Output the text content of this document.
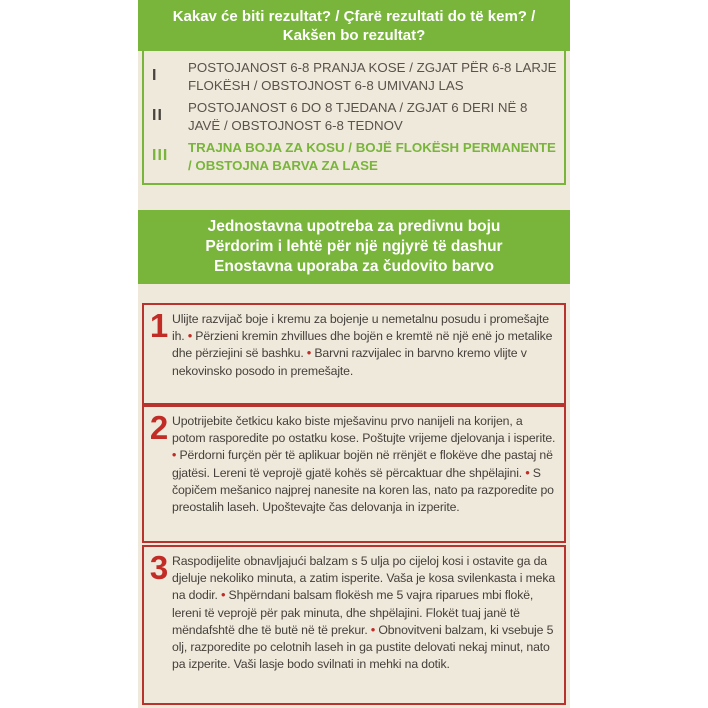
Kakav će biti rezultat? / Çfarë rezultati do të kem? / Kakšen bo rezultat?
I	POSTOJANOST 6-8 PRANJA KOSE / ZGJAT PËR 6-8 LARJE FLOKËSH / OBSTOJNOST 6-8 UMIVANJ LAS
II	POSTOJANOST 6 DO 8 TJEDANA / ZGJAT 6 DERI NË 8 JAVË / OBSTOJNOST 6-8 TEDNOV
III	TRAJNA BOJA ZA KOSU / BOJË FLOKËSH PERMANENTE / OBSTOJNA BARVA ZA LASE
Jednostavna upotreba za predivnu boju
Përdorim i lehtë për një ngjyrë të dashur
Enostavna uporaba za čudovito barvo
1 Ulijte razvijač boje i kremu za bojenje u nemetalnu posudu i promešajte ih. • Përzieni kremin zhvillues dhe bojën e kremtë në një enë jo metalike dhe përziejini së bashku. • Barvni razvijalec in barvno kremo vlijte v nekovinsko posodo in premešajte.
2 Upotrijebite četkicu kako biste mješavinu prvo nanijeli na korijen, a potom rasporedite po ostatku kose. Poštujte vrijeme djelovanja i isperite. • Përdorni furçën për të aplikuar bojën në rrënjët e flokëve dhe pastaj në gjatësi. Lereni të veprojë gjatë kohës së përcaktuar dhe shpëlajini. • S čopičem mešanico najprej nanesite na koren las, nato pa razporedite po preostalih laseh. Upoštevajte čas delovanja in izperite.
3 Raspodijelite obnavljajući balzam s 5 ulja po cijeloj kosi i ostavite ga da djeluje nekoliko minuta, a zatim isperite. Vaša je kosa svilenkasta i meka na dodir. • Shpërndani balsam flokësh me 5 vajra riparues mbi flokë, lereni të veprojë për pak minuta, dhe shpëlajini. Flokët tuaj janë të mëndafshtë dhe të butë në të prekur. • Obnovitveni balzam, ki vsebuje 5 olj, razporedite po celotnih laseh in ga pustite delovati nekaj minut, nato pa izperite. Vaši lasje bodo svilnati in mehki na dotik.
